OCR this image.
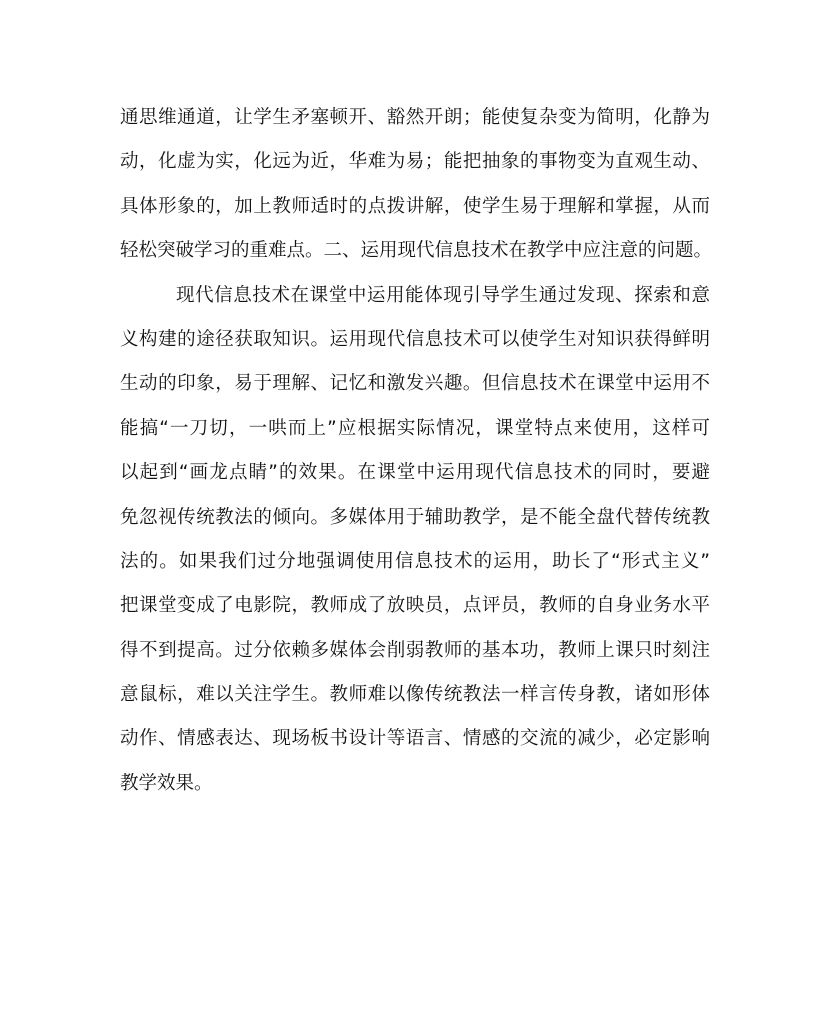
通思维通道，让学生矛塞顿开、豁然开朗；能使复杂变为简明，化静为
动，化虚为实，化远为近，华难为易；能把抽象的事物变为直观生动、
具体形象的，加上教师适时的点拨讲解，使学生易于理解和掌握，从而
轻松突破学习的重难点。二、运用现代信息技术在教学中应注意的问题。
现代信息技术在课堂中运用能体现引导学生通过发现、探索和意
义构建的途径获取知识。运用现代信息技术可以使学生对知识获得鲜明
生动的印象，易于理解、记忆和激发兴趣。但信息技术在课堂中运用不
能搞“一刀切，一哄而上”应根据实际情况，课堂特点来使用，这样可
以起到“画龙点睛”的效果。在课堂中运用现代信息技术的同时，要避
免忽视传统教法的倾向。多媒体用于辅助教学，是不能全盘代替传统教
法的。如果我们过分地强调使用信息技术的运用，助长了“形式主义”
把课堂变成了电影院，教师成了放映员，点评员，教师的自身业务水平
得不到提高。过分依赖多媒体会削弱教师的基本功，教师上课只时刻注
意鼠标，难以关注学生。教师难以像传统教法一样言传身教，诸如形体
动作、情感表达、现场板书设计等语言、情感的交流的减少，必定影响
教学效果。
